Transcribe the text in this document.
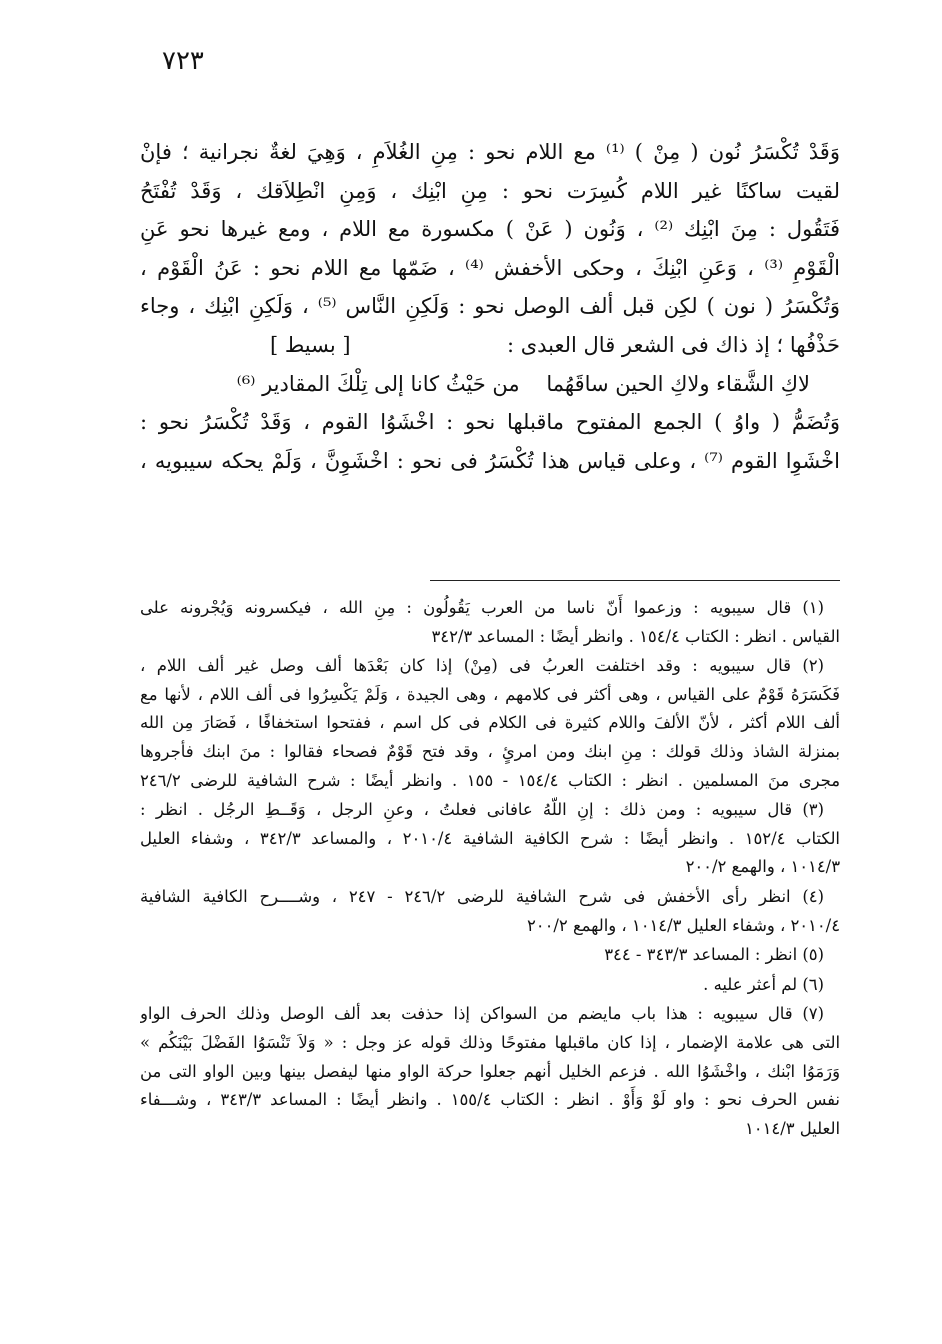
٧٢٣
وَقَدْ تُكْسَرُ نُون ( مِنْ ) ⁽¹⁾ مع اللام نحو : مِنِ الغُلاَمِ ، وَهِيَ لغةٌ نجرانية ؛ فإنْ
لقيت ساكنًا غير اللام كُسِرَت نحو : مِنِ ابْنِك ، وَمِنِ انْطِلاَقك ، وَقَدْ تُفْتَحُ
فَتَقُول : مِنَ ابْنِك ⁽²⁾ ، وَنُون ( عَنْ ) مكسورة مع اللام ، ومع غيرها نحو عَنِ
الْقَوْمِ ⁽³⁾ ، وَعَنِ ابْنِكَ ، وحكى الأخفش ⁽⁴⁾ ، ضَمّها مع اللام نحو : عَنُ الْقَوْم ،
وَتُكْسَرُ ( نون ) لكِن قبل ألف الوصل نحو : وَلَكِنِ النَّاس ⁽⁵⁾ ، وَلَكِنِ ابْنِك ، وجاء
حَذْفُها ؛ إذ ذاك فى الشعر قال العبدى :
[ بسيط ]
لاكِ الشَّقاء ولاكِ الحين ساقَهُما من حَيْثُ كانا إلى تِلْكَ المقادير ⁽⁶⁾
وَتُضَمُّ ( واوُ ) الجمع المفتوح ماقبلها نحو : اخْشَوُا القوم ، وَقَدْ تُكْسَرُ نحو :
اخْشَوِا القوم ⁽⁷⁾ ، وعلى قياس هذا تُكْسَرُ فى نحو : اخْشَوِنَّ ، وَلَمْ يحكه سيبويه ،
(١) قال سيبويه : وزعموا أَنّ ناسا من العرب يَقُولُون : مِنِ الله ، فيكسرونه وَيُجْرونه على
القياس . انظر : الكتاب ١٥٤/٤ . وانظر أيضًا : المساعد ٣٤٢/٣
(٢) قال سيبويه : وقد اختلفت العربُ فى (مِنْ) إذا كان بَعْدَها ألف وصل غير ألف اللام ،
فَكَسَرَهُ قَوْمٌ على القياس ، وهى أكثر فى كلامهم ، وهى الجيدة ، وَلَمْ يَكْسِرُوا فى ألف اللام ، لأنها مع
ألف اللام أكثر ، لأنّ الألفَ واللام كثيرة فى الكلام فى كل اسم ، ففتحوا استخفافًا ، فَصَارَ مِن الله
بمنزلة الشاذ وذلك قولك : مِنِ ابنك ومن امرئٍ ، وقد فتح قَوْمٌ فصحاء فقالوا : منَ ابنك فأجروها
مجرى منَ المسلمين . انظر : الكتاب ١٥٤/٤ - ١٥٥ . وانظر أيضًا : شرح الشافية للرضى ٢٤٦/٢
(٣) قال سيبويه : ومن ذلك : إنِ اللّهُ عافانى فعلتُ ، وعنِ الرجل ، وَقَــطِ الرجُل . انظر :
الكتاب ١٥٢/٤ . وانظر أيضًا : شرح الكافية الشافية ٢٠١٠/٤ ، والمساعد ٣٤٢/٣ ، وشفاء العليل
١٠١٤/٣ ، والهمع ٢٠٠/٢
(٤) انظر رأى الأخفش فى شرح الشافية للرضى ٢٤٦/٢ - ٢٤٧ ، وشــــرح الكافية الشافية
٢٠١٠/٤ ، وشفاء العليل ١٠١٤/٣ ، والهمع ٢٠٠/٢
(٥) انظر : المساعد ٣٤٣/٣ - ٣٤٤
(٦) لم أعثر عليه .
(٧) قال سيبويه : هذا باب مايضم من السواكن إذا حذفت بعد ألف الوصل وذلك الحرف الواو
التى هى علامة الإضمار ، إذا كان ماقبلها مفتوحًا وذلك قوله عز وجل : « وَلاَ تَنْسَوُا الفَضْلَ بَيْنَكُم »
وَرَمَوُا ابْنك ، واخْشَوُا الله . فزعم الخليل أنهم جعلوا حركة الواو منها ليفصل بينها وبين الواو التى من
نفس الحرف نحو : واو لَوْ وَأَوْ . انظر : الكتاب ١٥٥/٤ . وانظر أيضًا : المساعد ٣٤٣/٣ ، وشـــفاء
العليل ١٠١٤/٣
